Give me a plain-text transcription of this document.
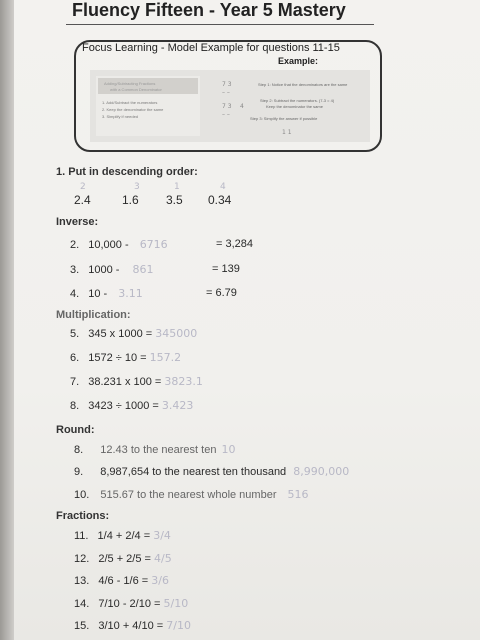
Fluency Fifteen - Year 5 Mastery
Focus Learning - Model Example for questions 11-15
Example:
Adding/Subtracting Fractions
with a Common Denominator
1. Add/Subtract the numerators
2. Keep the denominator the same
3. Simplify if needed
Step 1: Notice that the denominators are the same
Step 2: Subtract the numerators. (7-3 = 4)
Keep the denominator the same
Step 3: Simplify the answer if possible
7 3
– –
7 3
– –
4
1 1
1. Put in descending order:
2	3	1	4
2.4	1.6 3.5 0.34
Inverse:
2. 10,000 - 6716	= 3,284
3. 1000 - 861	= 139
4. 10 - 3.11	= 6.79
Multiplication:
5. 345 x 1000 = 345000
6. 1572 ÷ 10 = 157.2
7. 38.231 x 100 = 3823.1
8. 3423 ÷ 1000 = 3.423
Round:
8. 12.43 to the nearest ten 10
9. 8,987,654 to the nearest ten thousand 8,990,000
10. 515.67 to the nearest whole number 516
Fractions:
11. 1/4 + 2/4 = 3/4
12. 2/5 + 2/5 = 4/5
13. 4/6 - 1/6 = 3/6
14. 7/10 - 2/10 = 5/10
15. 3/10 + 4/10 = 7/10
